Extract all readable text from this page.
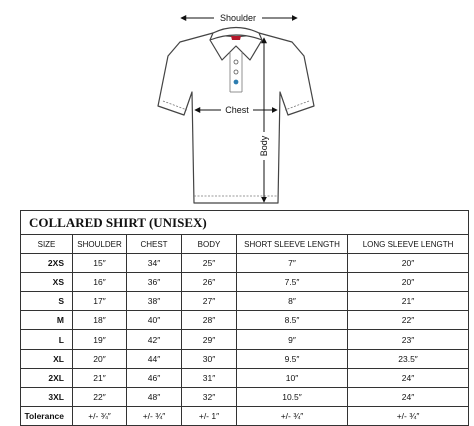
Shoulder
Chest
Body
COLLARED SHIRT (UNISEX)					
SIZE	SHOULDER	CHEST	BODY	SHORT SLEEVE LENGTH	LONG SLEEVE LENGTH
2XS	15″	34″	25″	7″	20″
XS	16″	36″	26″	7.5″	20″
S	17″	38″	27″	8″	21″
M	18″	40″	28″	8.5″	22″
L	19″	42″	29″	9″	23″
XL	20″	44″	30″	9.5″	23.5″
2XL	21″	46″	31″	10″	24″
3XL	22″	48″	32″	10.5″	24″
Tolerance	+/- ¾″	+/- ¾″	+/- 1″	+/- ¾″	+/- ¾″
